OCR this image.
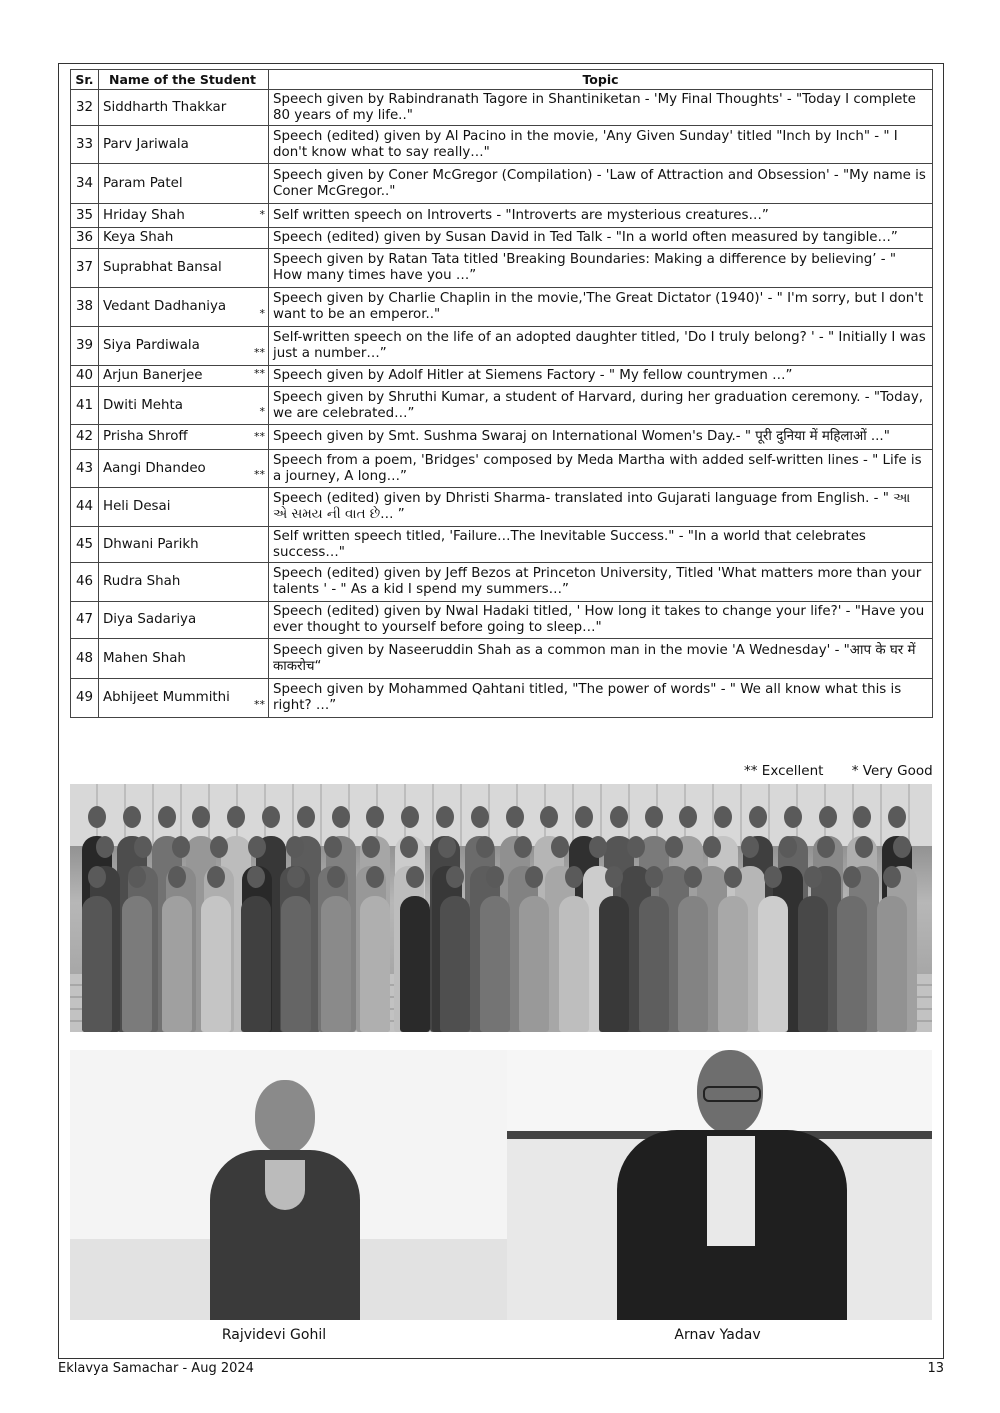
Sr.	Name of the Student	Topic
32	Siddharth Thakkar	Speech given by Rabindranath Tagore in Shantiniketan - 'My Final Thoughts' - "Today I complete 80 years of my life.."
33	Parv Jariwala	Speech (edited) given by Al Pacino in the movie, 'Any Given Sunday' titled "Inch by Inch" - " I don't know what to say really…"
34	Param Patel	Speech given by Coner McGregor (Compilation) - 'Law of Attraction and Obsession' - "My name is Coner McGregor.."
35	Hriday Shah *	Self written speech on Introverts - "Introverts are mysterious creatures…”
36	Keya Shah	Speech (edited) given by Susan David in Ted Talk - "In a world often measured by tangible…”
37	Suprabhat Bansal	Speech given by Ratan Tata titled 'Breaking Boundaries: Making a difference by believing’ - " How many times have you …”
38	Vedant Dadhaniya *	Speech given by Charlie Chaplin in the movie,'The Great Dictator (1940)' - " I'm sorry, but I don't want to be an emperor.."
39	Siya Pardiwala **	Self-written speech on the life of an adopted daughter titled, 'Do I truly belong? ' - " Initially I was just a number…”
40	Arjun Banerjee **	Speech given by Adolf Hitler at Siemens Factory - " My fellow countrymen …”
41	Dwiti Mehta *	Speech given by Shruthi Kumar, a student of Harvard, during her graduation ceremony. - "Today, we are celebrated…”
42	Prisha Shroff **	Speech given by Smt. Sushma Swaraj on International Women's Day.- " पूरी दुनिया में महिलाओं ..."
43	Aangi Dhandeo **	Speech from a poem, 'Bridges' composed by Meda Martha with added self-written lines - " Life is a journey, A long…”
44	Heli Desai	Speech (edited) given by Dhristi Sharma- translated into Gujarati language from English. - " આ એ સમય ની વાત છે… ”
45	Dhwani Parikh	Self written speech titled, 'Failure…The Inevitable Success." - "In a world that celebrates success…"
46	Rudra Shah	Speech (edited) given by Jeff Bezos at Princeton University, Titled 'What matters more than your talents ' - " As a kid I spend my summers…”
47	Diya Sadariya	Speech (edited) given by Nwal Hadaki titled, ' How long it takes to change your life?' - "Have you ever thought to yourself before going to sleep…"
48	Mahen Shah	Speech given by Naseeruddin Shah as a common man in the movie 'A Wednesday' - "आप के घर में काकरोच“
49	Abhijeet Mummithi **	Speech given by Mohammed Qahtani titled, "The power of words" - " We all know what this is right? …”
** Excellent * Very Good
Rajvidevi Gohil	Arnav Yadav
Eklavya Samachar - Aug 2024	13
